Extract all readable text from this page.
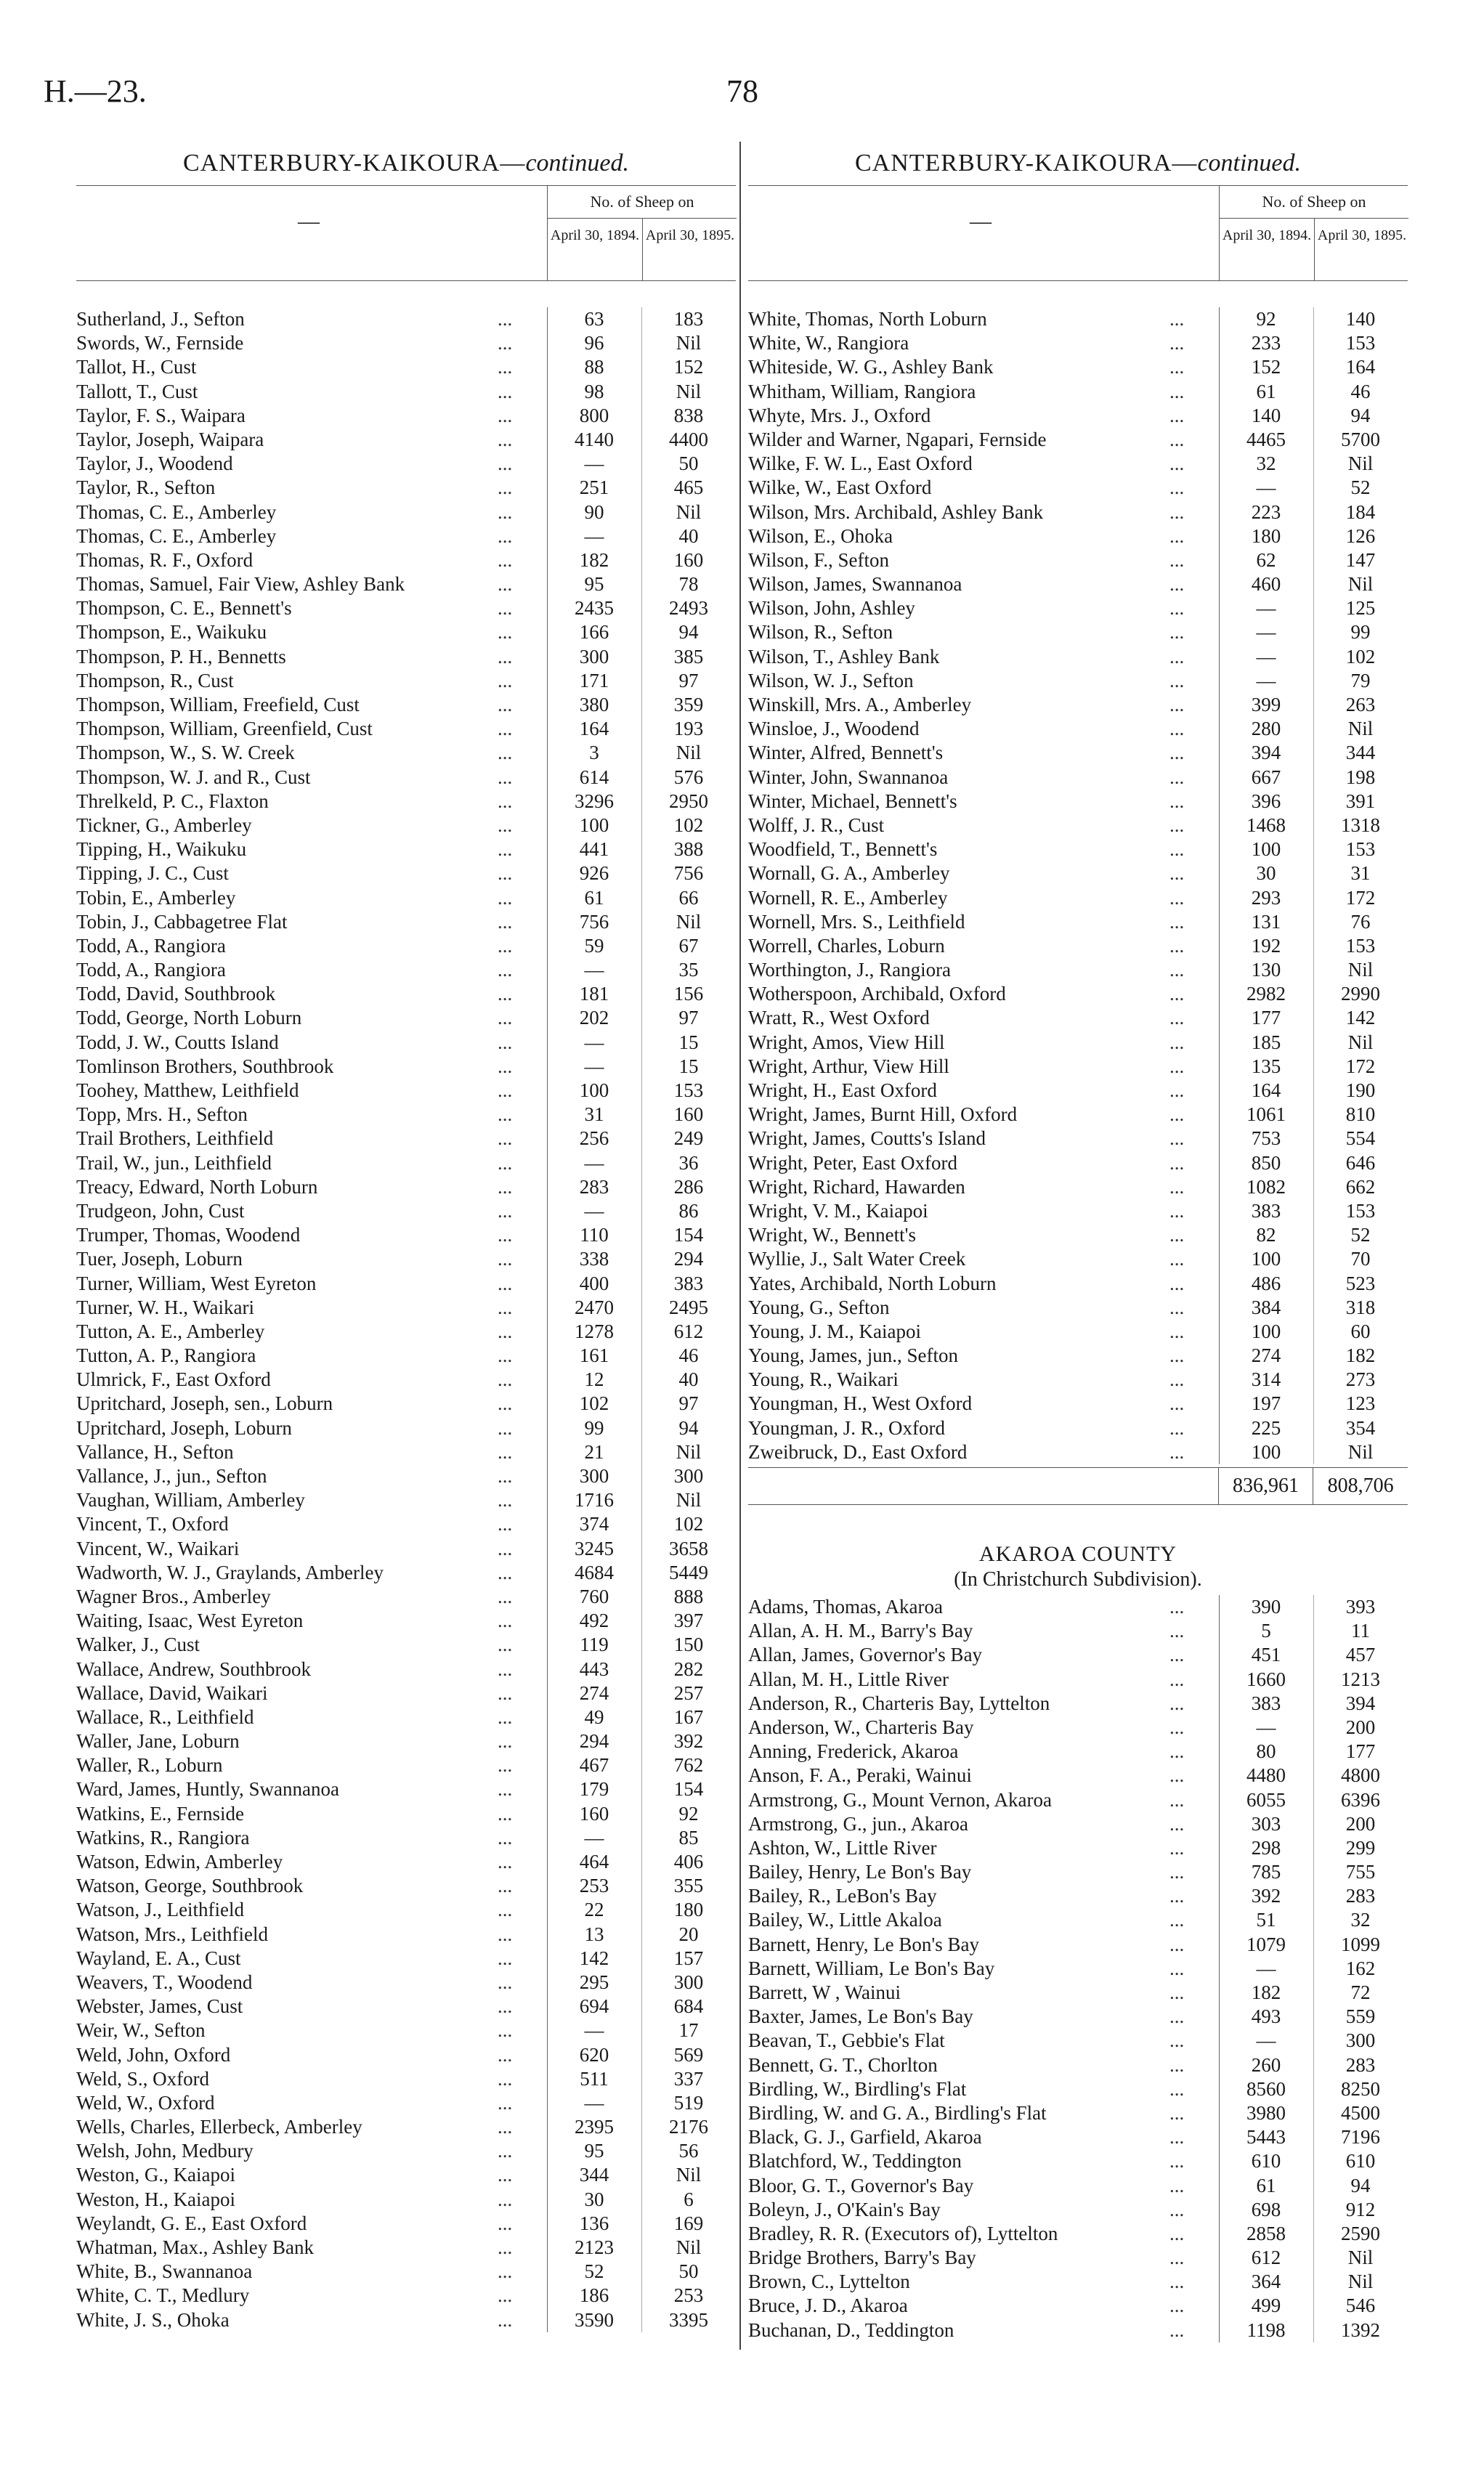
H.—23.	78
CANTERBURY-KAIKOURA—continued.
—
No. of Sheep on
April 30, 1894. April 30, 1895.
Sutherland, J., Sefton	...	63	183
Swords, W., Fernside	...	96	Nil
Tallot, H., Cust	...	88	152
Tallott, T., Cust	...	98	Nil
Taylor, F. S., Waipara	...	800	838
Taylor, Joseph, Waipara	...	4140	4400
Taylor, J., Woodend	...	—	50
Taylor, R., Sefton	...	251	465
Thomas, C. E., Amberley	...	90	Nil
Thomas, C. E., Amberley	...	—	40
Thomas, R. F., Oxford	...	182	160
Thomas, Samuel, Fair View, Ashley Bank	...	95	78
Thompson, C. E., Bennett's	...	2435	2493
Thompson, E., Waikuku	...	166	94
Thompson, P. H., Bennetts	...	300	385
Thompson, R., Cust	...	171	97
Thompson, William, Freefield, Cust	...	380	359
Thompson, William, Greenfield, Cust	...	164	193
Thompson, W., S. W. Creek	...	3	Nil
Thompson, W. J. and R., Cust	...	614	576
Threlkeld, P. C., Flaxton	...	3296	2950
Tickner, G., Amberley	...	100	102
Tipping, H., Waikuku	...	441	388
Tipping, J. C., Cust	...	926	756
Tobin, E., Amberley	...	61	66
Tobin, J., Cabbagetree Flat	...	756	Nil
Todd, A., Rangiora	...	59	67
Todd, A., Rangiora	...	—	35
Todd, David, Southbrook	...	181	156
Todd, George, North Loburn	...	202	97
Todd, J. W., Coutts Island	...	—	15
Tomlinson Brothers, Southbrook	...	—	15
Toohey, Matthew, Leithfield	...	100	153
Topp, Mrs. H., Sefton	...	31	160
Trail Brothers, Leithfield	...	256	249
Trail, W., jun., Leithfield	...	—	36
Treacy, Edward, North Loburn	...	283	286
Trudgeon, John, Cust	...	—	86
Trumper, Thomas, Woodend	...	110	154
Tuer, Joseph, Loburn	...	338	294
Turner, William, West Eyreton	...	400	383
Turner, W. H., Waikari	...	2470	2495
Tutton, A. E., Amberley	...	1278	612
Tutton, A. P., Rangiora	...	161	46
Ulmrick, F., East Oxford	...	12	40
Upritchard, Joseph, sen., Loburn	...	102	97
Upritchard, Joseph, Loburn	...	99	94
Vallance, H., Sefton	...	21	Nil
Vallance, J., jun., Sefton	...	300	300
Vaughan, William, Amberley	...	1716	Nil
Vincent, T., Oxford	...	374	102
Vincent, W., Waikari	...	3245	3658
Wadworth, W. J., Graylands, Amberley	...	4684	5449
Wagner Bros., Amberley	...	760	888
Waiting, Isaac, West Eyreton	...	492	397
Walker, J., Cust	...	119	150
Wallace, Andrew, Southbrook	...	443	282
Wallace, David, Waikari	...	274	257
Wallace, R., Leithfield	...	49	167
Waller, Jane, Loburn	...	294	392
Waller, R., Loburn	...	467	762
Ward, James, Huntly, Swannanoa	...	179	154
Watkins, E., Fernside	...	160	92
Watkins, R., Rangiora	...	—	85
Watson, Edwin, Amberley	...	464	406
Watson, George, Southbrook	...	253	355
Watson, J., Leithfield	...	22	180
Watson, Mrs., Leithfield	...	13	20
Wayland, E. A., Cust	...	142	157
Weavers, T., Woodend	...	295	300
Webster, James, Cust	...	694	684
Weir, W., Sefton	...	—	17
Weld, John, Oxford	...	620	569
Weld, S., Oxford	...	511	337
Weld, W., Oxford	...	—	519
Wells, Charles, Ellerbeck, Amberley	...	2395	2176
Welsh, John, Medbury	...	95	56
Weston, G., Kaiapoi	...	344	Nil
Weston, H., Kaiapoi	...	30	6
Weylandt, G. E., East Oxford	...	136	169
Whatman, Max., Ashley Bank	...	2123	Nil
White, B., Swannanoa	...	52	50
White, C. T., Medlury	...	186	253
White, J. S., Ohoka	...	3590	3395
CANTERBURY-KAIKOURA—continued.
—
No. of Sheep on
April 30, 1894. April 30, 1895.
White, Thomas, North Loburn	...	92	140
White, W., Rangiora	...	233	153
Whiteside, W. G., Ashley Bank	...	152	164
Whitham, William, Rangiora	...	61	46
Whyte, Mrs. J., Oxford	...	140	94
Wilder and Warner, Ngapari, Fernside	...	4465	5700
Wilke, F. W. L., East Oxford	...	32	Nil
Wilke, W., East Oxford	...	—	52
Wilson, Mrs. Archibald, Ashley Bank	...	223	184
Wilson, E., Ohoka	...	180	126
Wilson, F., Sefton	...	62	147
Wilson, James, Swannanoa	...	460	Nil
Wilson, John, Ashley	...	—	125
Wilson, R., Sefton	...	—	99
Wilson, T., Ashley Bank	...	—	102
Wilson, W. J., Sefton	...	—	79
Winskill, Mrs. A., Amberley	...	399	263
Winsloe, J., Woodend	...	280	Nil
Winter, Alfred, Bennett's	...	394	344
Winter, John, Swannanoa	...	667	198
Winter, Michael, Bennett's	...	396	391
Wolff, J. R., Cust	...	1468	1318
Woodfield, T., Bennett's	...	100	153
Wornall, G. A., Amberley	...	30	31
Wornell, R. E., Amberley	...	293	172
Wornell, Mrs. S., Leithfield	...	131	76
Worrell, Charles, Loburn	...	192	153
Worthington, J., Rangiora	...	130	Nil
Wotherspoon, Archibald, Oxford	...	2982	2990
Wratt, R., West Oxford	...	177	142
Wright, Amos, View Hill	...	185	Nil
Wright, Arthur, View Hill	...	135	172
Wright, H., East Oxford	...	164	190
Wright, James, Burnt Hill, Oxford	...	1061	810
Wright, James, Coutts's Island	...	753	554
Wright, Peter, East Oxford	...	850	646
Wright, Richard, Hawarden	...	1082	662
Wright, V. M., Kaiapoi	...	383	153
Wright, W., Bennett's	...	82	52
Wyllie, J., Salt Water Creek	...	100	70
Yates, Archibald, North Loburn	...	486	523
Young, G., Sefton	...	384	318
Young, J. M., Kaiapoi	...	100	60
Young, James, jun., Sefton	...	274	182
Young, R., Waikari	...	314	273
Youngman, H., West Oxford	...	197	123
Youngman, J. R., Oxford	...	225	354
Zweibruck, D., East Oxford	...	100	Nil
836,961	808,706
AKAROA COUNTY
(In Christchurch Subdivision).
Adams, Thomas, Akaroa	...	390	393
Allan, A. H. M., Barry's Bay	...	5	11
Allan, James, Governor's Bay	...	451	457
Allan, M. H., Little River	...	1660	1213
Anderson, R., Charteris Bay, Lyttelton	...	383	394
Anderson, W., Charteris Bay	...	—	200
Anning, Frederick, Akaroa	...	80	177
Anson, F. A., Peraki, Wainui	...	4480	4800
Armstrong, G., Mount Vernon, Akaroa	...	6055	6396
Armstrong, G., jun., Akaroa	...	303	200
Ashton, W., Little River	...	298	299
Bailey, Henry, Le Bon's Bay	...	785	755
Bailey, R., LeBon's Bay	...	392	283
Bailey, W., Little Akaloa	...	51	32
Barnett, Henry, Le Bon's Bay	...	1079	1099
Barnett, William, Le Bon's Bay	...	—	162
Barrett, W , Wainui	...	182	72
Baxter, James, Le Bon's Bay	...	493	559
Beavan, T., Gebbie's Flat	...	—	300
Bennett, G. T., Chorlton	...	260	283
Birdling, W., Birdling's Flat	...	8560	8250
Birdling, W. and G. A., Birdling's Flat	...	3980	4500
Black, G. J., Garfield, Akaroa	...	5443	7196
Blatchford, W., Teddington	...	610	610
Bloor, G. T., Governor's Bay	...	61	94
Boleyn, J., O'Kain's Bay	...	698	912
Bradley, R. R. (Executors of), Lyttelton	...	2858	2590
Bridge Brothers, Barry's Bay	...	612	Nil
Brown, C., Lyttelton	...	364	Nil
Bruce, J. D., Akaroa	...	499	546
Buchanan, D., Teddington	...	1198	1392
